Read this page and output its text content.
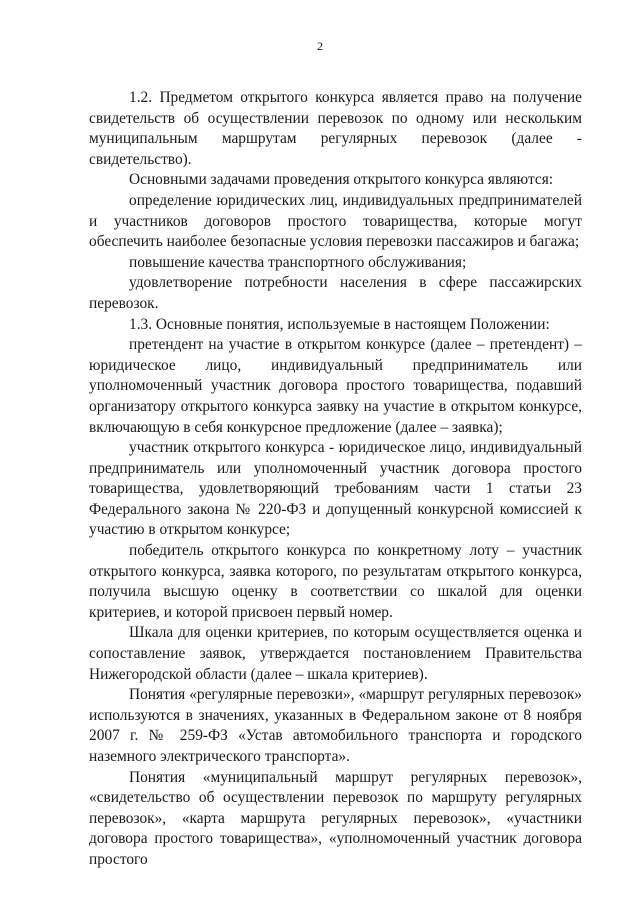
2

1.2. Предметом открытого конкурса является право на получение свидетельств об осуществлении перевозок по одному или нескольким муниципальным маршрутам регулярных перевозок (далее - свидетельство).

Основными задачами проведения открытого конкурса являются:

определение юридических лиц, индивидуальных предпринимателей и участников договоров простого товарищества, которые могут обеспечить наиболее безопасные условия перевозки пассажиров и багажа;

повышение качества транспортного обслуживания;

удовлетворение потребности населения в сфере пассажирских перевозок.

1.3. Основные понятия, используемые в настоящем Положении:

претендент на участие в открытом конкурсе (далее – претендент) – юридическое лицо, индивидуальный предприниматель или уполномоченный участник договора простого товарищества, подавший организатору открытого конкурса заявку на участие в открытом конкурсе, включающую в себя конкурсное предложение (далее – заявка);

участник открытого конкурса - юридическое лицо, индивидуальный предприниматель или уполномоченный участник договора простого товарищества, удовлетворяющий требованиям части 1 статьи 23 Федерального закона № 220-ФЗ и допущенный конкурсной комиссией к участию в открытом конкурсе;

победитель открытого конкурса по конкретному лоту – участник открытого конкурса, заявка которого, по результатам открытого конкурса, получила высшую оценку в соответствии со шкалой для оценки критериев, и которой присвоен первый номер.

Шкала для оценки критериев, по которым осуществляется оценка и сопоставление заявок, утверждается постановлением Правительства Нижегородской области (далее – шкала критериев).

Понятия «регулярные перевозки», «маршрут регулярных перевозок» используются в значениях, указанных в Федеральном законе от 8 ноября 2007 г. № 259-ФЗ «Устав автомобильного транспорта и городского наземного электрического транспорта».

Понятия «муниципальный маршрут регулярных перевозок», «свидетельство об осуществлении перевозок по маршруту регулярных перевозок», «карта маршрута регулярных перевозок», «участники договора простого товарищества», «уполномоченный участник договора простого
